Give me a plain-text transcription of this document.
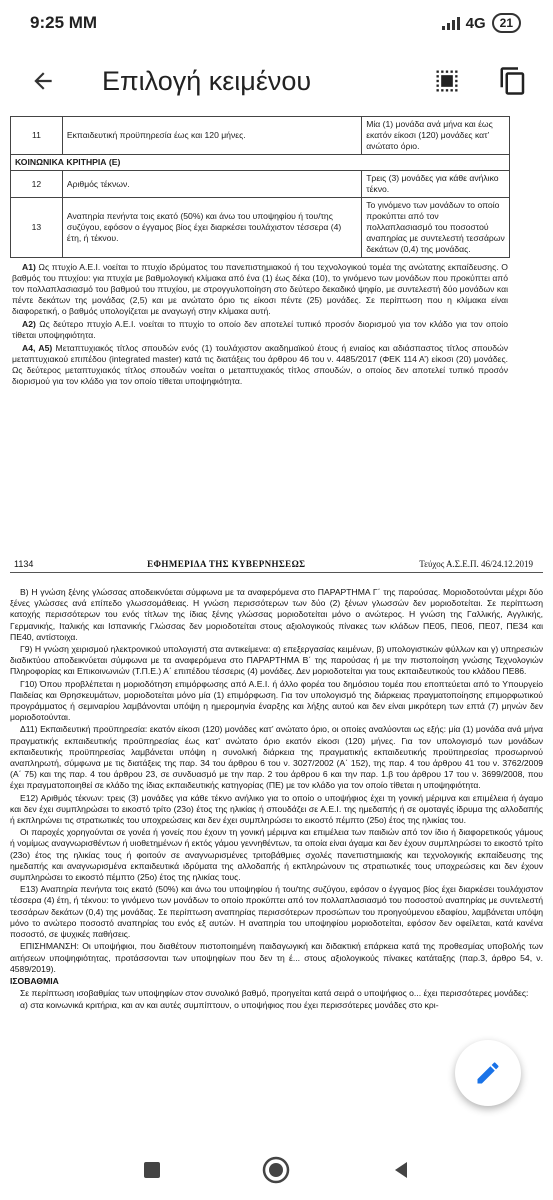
9:25 MM	4G	21
Επιλογή κειμένου
11	Εκπαιδευτική προϋπηρεσία έως και 120 μήνες.	Μία (1) μονάδα ανά μήνα και έως εκατόν είκοσι (120) μονάδες κατ’ ανώτατο όριο.
ΚΟΙΝΩΝΙΚΑ ΚΡΙΤΗΡΙΑ (Ε)		
12	Αριθμός τέκνων.	Τρεις (3) μονάδες για κάθε ανήλικο τέκνο.
13	Αναπηρία πενήντα τοις εκατό (50%) και άνω του υποψηφίου ή του/της συζύγου, εφόσον ο έγγαμος βίος έχει διαρκέσει τουλάχιστον τέσσερα (4) έτη, ή τέκνου.	Το γινόμενο των μονάδων το οποίο προκύπτει από τον πολλαπλασιασμό του ποσοστού αναπηρίας με συντελεστή τεσσάρων δεκάτων (0,4) της μονάδας.

Α1) Ως πτυχίο Α.Ε.Ι. νοείται το πτυχίο ιδρύματος του πανεπιστημιακού ή του τεχνολογικού τομέα της ανώτατης εκπαίδευσης. Ο βαθμός του πτυχίου: για πτυχία με βαθμολογική κλίμακα από ένα (1) έως δέκα (10), το γινόμενο των μονάδων που προκύπτει από τον πολλαπλασιασμό του βαθμού του πτυχίου, με στρογγυλοποίηση στο δεύτερο δεκαδικό ψηφίο, με συντελεστή δύο μονάδων και πέντε δεκάτων της μονάδας (2,5) και με ανώτατο όριο τις είκοσι πέντε (25) μονάδες. Σε περίπτωση που η κλίμακα είναι διαφορετική, ο βαθμός υπολογίζεται με αναγωγή στην κλίμακα αυτή.

Α2) Ως δεύτερο πτυχίο Α.Ε.Ι. νοείται το πτυχίο το οποίο δεν αποτελεί τυπικό προσόν διορισμού για τον κλάδο για τον οποίο τίθεται υποψηφιότητα.

Α4, Α5) Μεταπτυχιακός τίτλος σπουδών ενός (1) τουλάχιστον ακαδημαϊκού έτους ή ενιαίος και αδιάσπαστος τίτλος σπουδών μεταπτυχιακού επιπέδου (integrated master) κατά τις διατάξεις του άρθρου 46 του ν. 4485/2017 (ΦΕΚ 114 Α’) είκοσι (20) μονάδες. Ως δεύτερος μεταπτυχιακός τίτλος σπουδών νοείται ο μεταπτυχιακός τίτλος σπουδών, ο οποίος δεν αποτελεί τυπικό προσόν διορισμού για τον κλάδο για τον οποίο τίθεται υποψηφιότητα.

1134	ΕΦΗΜΕΡΙΔΑ ΤΗΣ ΚΥΒΕΡΝΗΣΕΩΣ	Τεύχος Α.Σ.Ε.Π. 46/24.12.2019

Β) Η γνώση ξένης γλώσσας αποδεικνύεται σύμφωνα με τα αναφερόμενα στο ΠΑΡΑΡΤΗΜΑ Γ΄ της παρούσας. Μοριοδοτούνται μέχρι δύο ξένες γλώσσες ανά επίπεδο γλωσσομάθειας. Η γνώση περισσότερων των δύο (2) ξένων γλωσσών δεν μοριοδοτείται. Σε περίπτωση κατοχής περισσότερων του ενός τίτλων της ίδιας ξένης γλώσσας μοριοδοτείται μόνο ο ανώτερος. Η γνώση της Γαλλικής, Αγγλικής, Γερμανικής, Ιταλικής και Ισπανικής Γλώσσας δεν μοριοδοτείται στους αξιολογικούς πίνακες των κλάδων ΠΕ05, ΠΕ06, ΠΕ07, ΠΕ34 και ΠΕ40, αντίστοιχα.

Γ9) Η γνώση χειρισμού ηλεκτρονικού υπολογιστή στα αντικείμενα: α) επεξεργασίας κειμένων, β) υπολογιστικών φύλλων και γ) υπηρεσιών διαδικτύου αποδεικνύεται σύμφωνα με τα αναφερόμενα στο ΠΑΡΑΡΤΗΜΑ Β΄ της παρούσας ή με την πιστοποίηση γνώσης Τεχνολογιών Πληροφορίας και Επικοινωνιών (Τ.Π.Ε.) Α΄ επιπέδου τέσσερις (4) μονάδες. Δεν μοριοδοτείται για τους εκπαιδευτικούς του κλάδου ΠΕ86.

Γ10) Όπου προβλέπεται η μοριοδότηση επιμόρφωσης από Α.Ε.Ι. ή άλλο φορέα του δημόσιου τομέα που εποπτεύεται από το Υπουργείο Παιδείας και Θρησκευμάτων, μοριοδοτείται μόνο μία (1) επιμόρφωση. Για τον υπολογισμό της διάρκειας πραγματοποίησης επιμορφωτικού προγράμματος ή σεμιναρίου λαμβάνονται υπόψη η ημερομηνία έναρξης και λήξης αυτού και δεν είναι μικρότερη των επτά (7) μηνών δεν μοριοδοτούνται.

Δ11) Εκπαιδευτική προϋπηρεσία: εκατόν είκοσι (120) μονάδες κατ’ ανώτατο όριο, οι οποίες αναλύονται ως εξής: μία (1) μονάδα ανά μήνα πραγματικής εκπαιδευτικής προϋπηρεσίας έως κατ’ ανώτατο όριο εκατόν είκοσι (120) μήνες. Για τον υπολογισμό των μονάδων εκπαιδευτικής προϋπηρεσίας λαμβάνεται υπόψη η συνολική διάρκεια της πραγματικής εκπαιδευτικής προϋπηρεσίας προσωρινού αναπληρωτή, σύμφωνα με τις διατάξεις της παρ. 34 του άρθρου 6 του ν. 3027/2002 (Α΄ 152), της παρ. 4 του άρθρου 41 του ν. 3762/2009 (Α΄ 75) και της παρ. 4 του άρθρου 23, σε συνδυασμό με την παρ. 2 του άρθρου 6 και την παρ. 1.β του άρθρου 17 του ν. 3699/2008, που έχει πραγματοποιηθεί σε κλάδο της ίδιας εκπαιδευτικής κατηγορίας (ΠΕ) με τον κλάδο για τον οποίο τίθεται η υποψηφιότητα.

Ε12) Αριθμός τέκνων: τρεις (3) μονάδες για κάθε τέκνο ανήλικο για το οποίο ο υποψήφιος έχει τη γονική μέριμνα και επιμέλεια ή άγαμο και δεν έχει συμπληρώσει το εικοστό τρίτο (23ο) έτος της ηλικίας ή σπουδάζει σε Α.Ε.Ι. της ημεδαπής ή σε ομοταγές ίδρυμα της αλλοδαπής ή εκπληρώνει τις στρατιωτικές του υποχρεώσεις και δεν έχει συμπληρώσει το εικοστό πέμπτο (25ο) έτος της ηλικίας του.

Οι παροχές χορηγούνται σε γονέα ή γονείς που έχουν τη γονική μέριμνα και επιμέλεια των παιδιών από τον ίδιο ή διαφορετικούς γάμους ή νομίμως αναγνωρισθέντων ή υιοθετημένων ή εκτός γάμου γεννηθέντων, τα οποία είναι άγαμα και δεν έχουν συμπληρώσει το εικοστό τρίτο (23ο) έτος της ηλικίας τους ή φοιτούν σε αναγνωρισμένες τριτοβάθμιες σχολές πανεπιστημιακής και τεχνολογικής εκπαίδευσης της ημεδαπής και αναγνωρισμένα εκπαιδευτικά ιδρύματα της αλλοδαπής ή εκπληρώνουν τις στρατιωτικές τους υποχρεώσεις και δεν έχουν συμπληρώσει το εικοστό πέμπτο (25ο) έτος της ηλικίας τους.

Ε13) Αναπηρία πενήντα τοις εκατό (50%) και άνω του υποψηφίου ή του/της συζύγου, εφόσον ο έγγαμος βίος έχει διαρκέσει τουλάχιστον τέσσερα (4) έτη, ή τέκνου: το γινόμενο των μονάδων το οποίο προκύπτει από τον πολλαπλασιασμό του ποσοστού αναπηρίας με συντελεστή τεσσάρων δεκάτων (0,4) της μονάδας. Σε περίπτωση αναπηρίας περισσότερων προσώπων του προηγούμενου εδαφίου, λαμβάνεται υπόψη μόνο το ανώτερο ποσοστό αναπηρίας του ενός εξ αυτών. Η αναπηρία του υποψηφίου μοριοδοτείται, εφόσον δεν οφείλεται, κατά κανένα ποσοστό, σε ψυχικές παθήσεις.

ΕΠΙΣΗΜΑΝΣΗ: Οι υποψήφιοι, που διαθέτουν πιστοποιημένη παιδαγωγική και διδακτική επάρκεια κατά της προθεσμίας υποβολής των αιτήσεων υποψηφιότητας, προτάσσονται των υποψηφίων που δεν τη έ... στους αξιολογικούς πίνακες κατάταξης (παρ.3, άρθρο 54, ν. 4589/2019).

ΙΣΟΒΑΘΜΙΑ

Σε περίπτωση ισοβαθμίας των υποψηφίων στον συνολικό βαθμό, προηγείται κατά σειρά ο υποψήφιος ο... έχει περισσότερες μονάδες:

α) στα κοινωνικά κριτήρια, και αν και αυτές συμπίπτουν, ο υποψήφιος που έχει περισσότερες μονάδες στο κρι-
